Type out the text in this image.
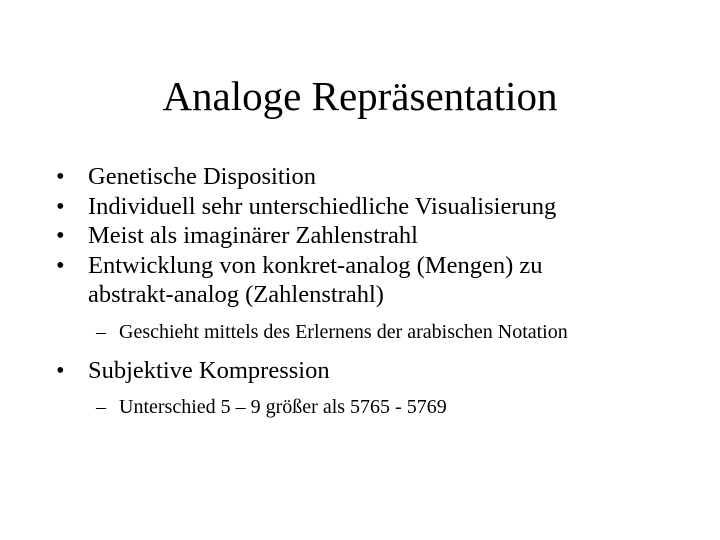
Analoge Repräsentation

• Genetische Disposition

• Individuell sehr unterschiedliche Visualisierung

• Meist als imaginärer Zahlenstrahl

• Entwicklung von konkret-analog (Mengen) zu
abstrakt-analog (Zahlenstrahl)

– Geschieht mittels des Erlernens der arabischen Notation

• Subjektive Kompression

– Unterschied 5 – 9 größer als 5765 - 5769
